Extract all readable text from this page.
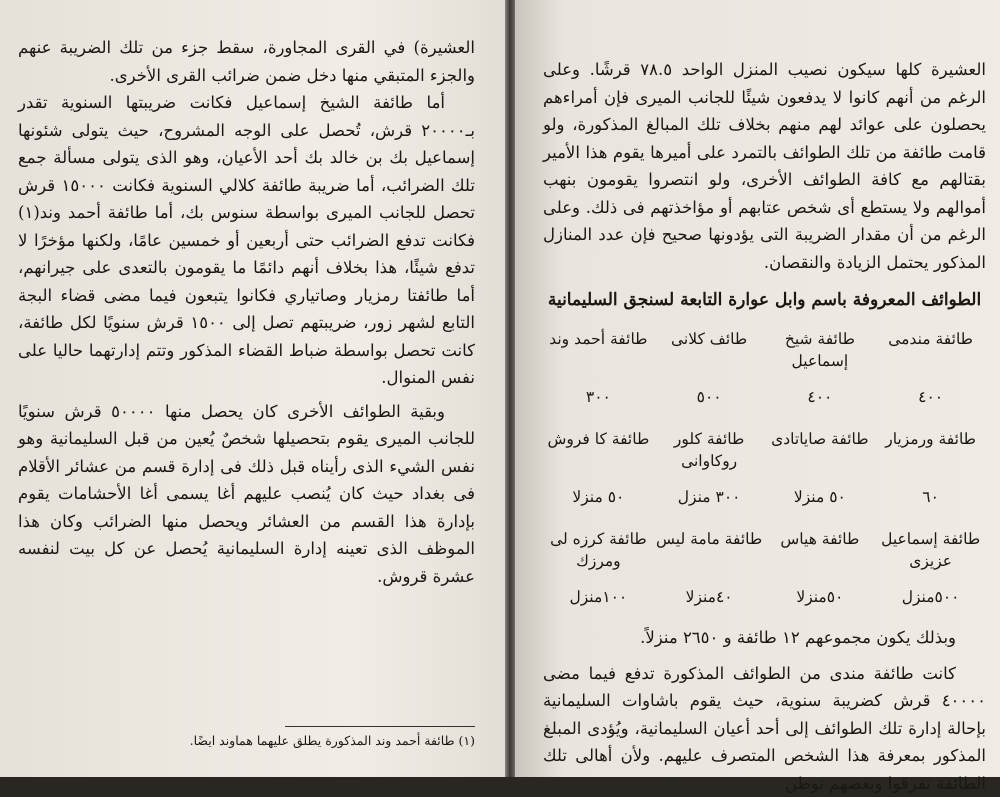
العشيرة) في القرى المجاورة، سقط جزء من تلك الضريبة عنهم والجزء المتبقي منها دخل ضمن ضرائب القرى الأخرى.

أما طائفة الشيخ إسماعيل فكانت ضريبتها السنوية تقدر بـ٢٠٠٠٠ قرش، تُحصل على الوجه المشروح، حيث يتولى شئونها إسماعيل بك بن خالد بك أحد الأعيان، وهو الذى يتولى مسألة جمع تلك الضرائب، أما ضريبة طائفة كلالي السنوية فكانت ١٥٠٠٠ قرش تحصل للجانب الميرى بواسطة سنوس بك، أما طائفة أحمد وند(١) فكانت تدفع الضرائب حتى أربعين أو خمسين عامًا، ولكنها مؤخرًا لا تدفع شيئًا، هذا بخلاف أنهم دائمًا ما يقومون بالتعدى على جيرانهم، أما طائفتا رمزيار وصاتياري فكانوا يتبعون فيما مضى قضاء البجة التابع لشهر زور، ضريبتهم تصل إلى ١٥٠٠ قرش سنويًا لكل طائفة، كانت تحصل بواسطة ضباط القضاء المذكور وتتم إدارتهما حاليا على نفس المنوال.

وبقية الطوائف الأخرى كان يحصل منها ٥٠٠٠٠ قرش سنويًا للجانب الميرى يقوم بتحصيلها شخصٌ يُعين من قبل السليمانية وهو نفس الشيء الذى رأيناه قبل ذلك فى إدارة قسم من عشائر الأقلام فى بغداد حيث كان يُنصب عليهم أغا يسمى أغا الأحشامات يقوم بإدارة هذا القسم من العشائر ويحصل منها الضرائب وكان هذا الموظف الذى تعينه إدارة السليمانية يُحصل عن كل بيت لنفسه عشرة قروش.

(١) طائفة أحمد وند المذكورة يطلق عليهما هماوند ايضًا.

العشيرة كلها سيكون نصيب المنزل الواحد ٧٨.٥ قرشًا. وعلى الرغم من أنهم كانوا لا يدفعون شيئًا للجانب الميرى فإن أمراءهم يحصلون على عوائد لهم منهم بخلاف تلك المبالغ المذكورة، ولو قامت طائفة من تلك الطوائف بالتمرد على أميرها يقوم هذا الأمير بقتالهم مع كافة الطوائف الأخرى، ولو انتصروا يقومون بنهب أموالهم ولا يستطع أى شخص عتابهم أو مؤاخذتهم فى ذلك. وعلى الرغم من أن مقدار الضريبة التى يؤدونها صحيح فإن عدد المنازل المذكور يحتمل الزيادة والنقصان.

الطوائف المعروفة باسم وابل عوارة التابعة لسنجق السليمانية
طائفة مندمى
طائفة شيخ إسماعيل
طائف كلانى
طائفة أحمد وند
٤٠٠
٤٠٠
٥٠٠
٣٠٠
طائفة ورمزيار
طائفة صاياتادى
طائفة كلور روكاوانى
طائفة كا فروش
٦٠
٥٠ منزلا
٣٠٠ منزل
٥٠ منزلا
طائفة إسماعيل عزيزى
طائفة هياس
طائفة مامة ليس
طائفة كرزه لى ومرزك
٥٠٠منزل
٥٠منزلا
٤٠منزلا
١٠٠منزل

وبذلك يكون مجموعهم ١٢ طائفة و ٢٦٥٠ منزلاً.

كانت طائفة مندى من الطوائف المذكورة تدفع فيما مضى ٤٠٠٠٠ قرش كضريبة سنوية، حيث يقوم باشاوات السليمانية بإحالة إدارة تلك الطوائف إلى أحد أعيان السليمانية، ويُؤدى المبلغ المذكور بمعرفة هذا الشخص المتصرف عليهم. ولأن أهالى تلك الطائفة تفرقوا وبعضهم توطن
